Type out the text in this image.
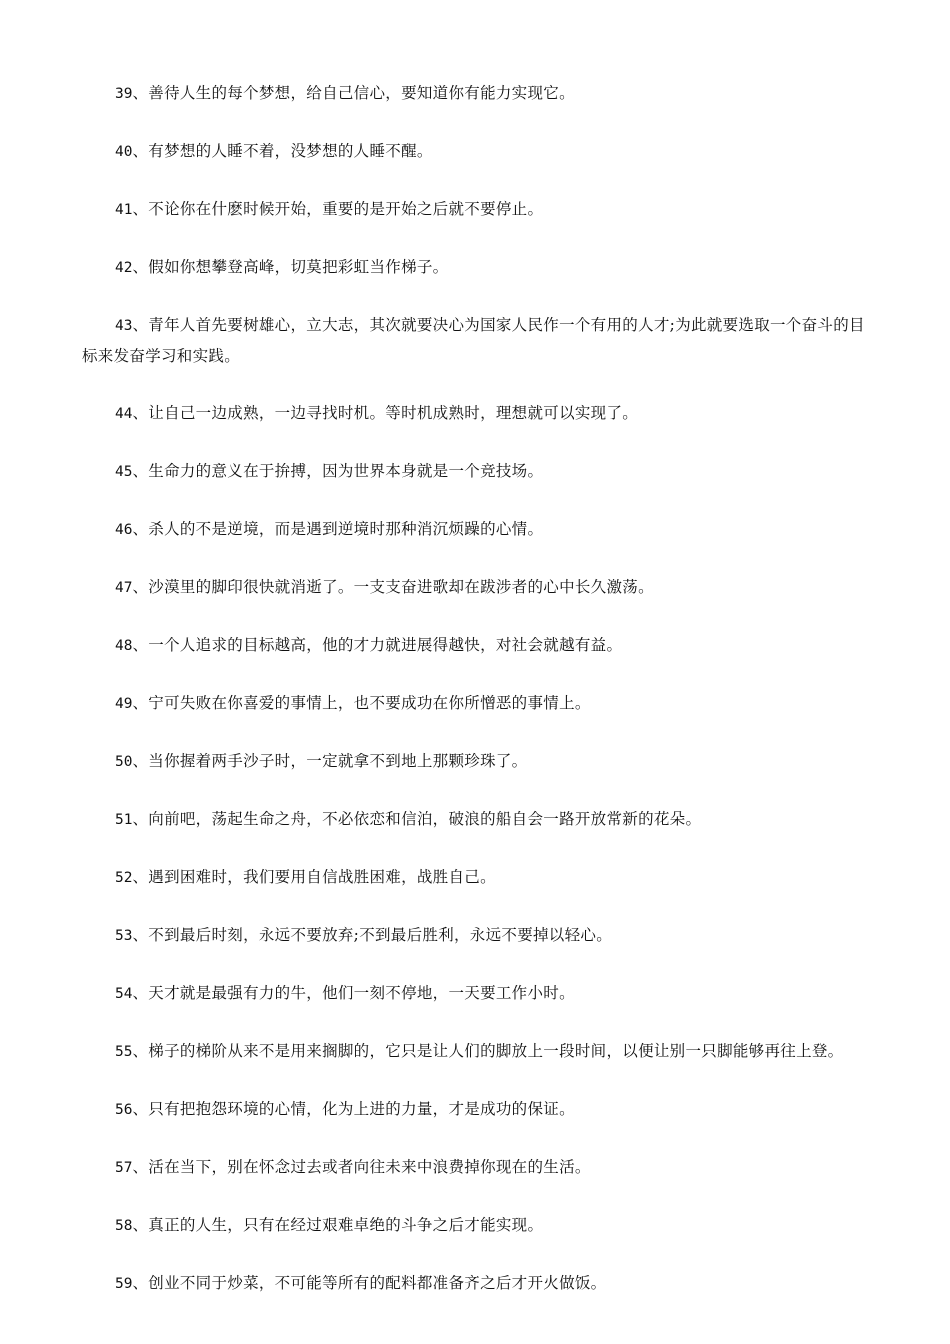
39、善待人生的每个梦想，给自己信心，要知道你有能力实现它。

40、有梦想的人睡不着，没梦想的人睡不醒。

41、不论你在什麽时候开始，重要的是开始之后就不要停止。

42、假如你想攀登高峰，切莫把彩虹当作梯子。

43、青年人首先要树雄心，立大志，其次就要决心为国家人民作一个有用的人才;为此就要选取一个奋斗的目标来发奋学习和实践。

44、让自己一边成熟，一边寻找时机。等时机成熟时，理想就可以实现了。

45、生命力的意义在于拚搏，因为世界本身就是一个竞技场。

46、杀人的不是逆境，而是遇到逆境时那种消沉烦躁的心情。

47、沙漠里的脚印很快就消逝了。一支支奋进歌却在跋涉者的心中长久激荡。

48、一个人追求的目标越高，他的才力就进展得越快，对社会就越有益。

49、宁可失败在你喜爱的事情上，也不要成功在你所憎恶的事情上。

50、当你握着两手沙子时，一定就拿不到地上那颗珍珠了。

51、向前吧，荡起生命之舟，不必依恋和信泊，破浪的船自会一路开放常新的花朵。

52、遇到困难时，我们要用自信战胜困难，战胜自己。

53、不到最后时刻，永远不要放弃;不到最后胜利，永远不要掉以轻心。

54、天才就是最强有力的牛，他们一刻不停地，一天要工作小时。

55、梯子的梯阶从来不是用来搁脚的，它只是让人们的脚放上一段时间，以便让别一只脚能够再往上登。

56、只有把抱怨环境的心情，化为上进的力量，才是成功的保证。

57、活在当下，别在怀念过去或者向往未来中浪费掉你现在的生活。

58、真正的人生，只有在经过艰难卓绝的斗争之后才能实现。

59、创业不同于炒菜，不可能等所有的配料都准备齐之后才开火做饭。
